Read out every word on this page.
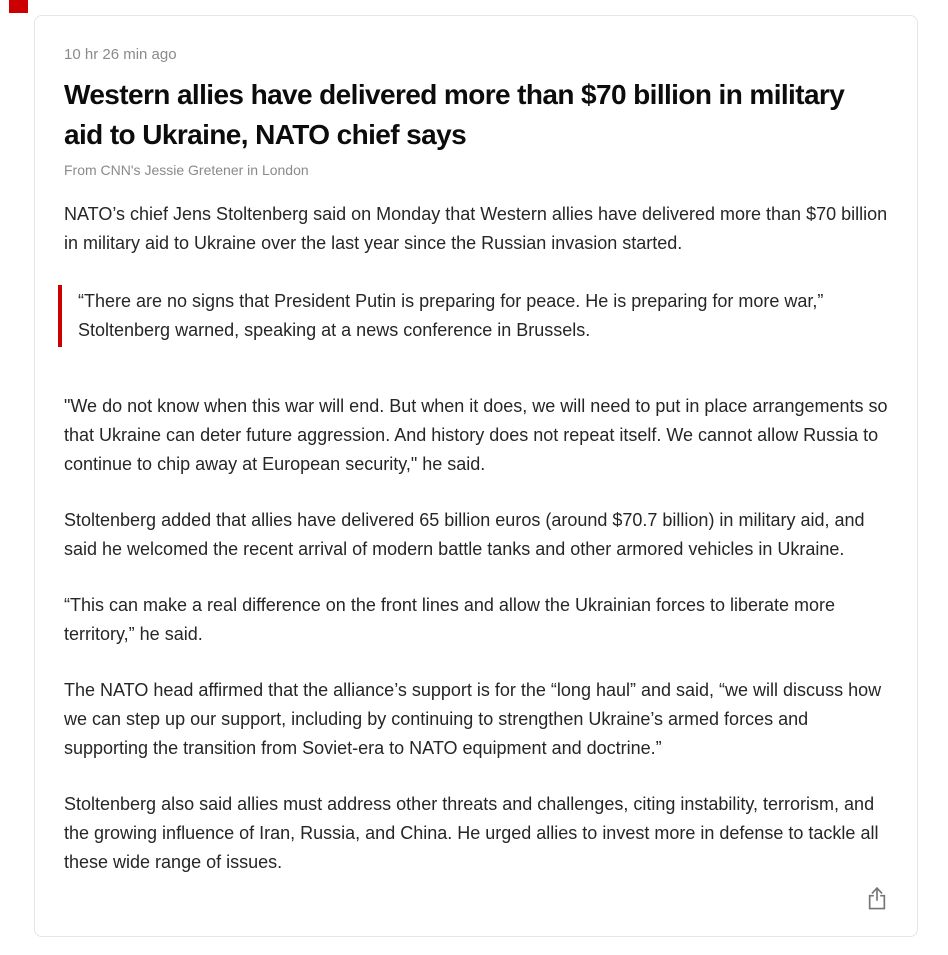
10 hr 26 min ago
Western allies have delivered more than $70 billion in military aid to Ukraine, NATO chief says
From CNN's Jessie Gretener in London

NATO’s chief Jens Stoltenberg said on Monday that Western allies have delivered more than $70 billion in military aid to Ukraine over the last year since the Russian invasion started.

“There are no signs that President Putin is preparing for peace. He is preparing for more war,” Stoltenberg warned, speaking at a news conference in Brussels.

"We do not know when this war will end. But when it does, we will need to put in place arrangements so that Ukraine can deter future aggression. And history does not repeat itself. We cannot allow Russia to continue to chip away at European security," he said.

Stoltenberg added that allies have delivered 65 billion euros (around $70.7 billion) in military aid, and said he welcomed the recent arrival of modern battle tanks and other armored vehicles in Ukraine.

“This can make a real difference on the front lines and allow the Ukrainian forces to liberate more territory,” he said.

The NATO head affirmed that the alliance’s support is for the “long haul” and said, “we will discuss how we can step up our support, including by continuing to strengthen Ukraine’s armed forces and supporting the transition from Soviet-era to NATO equipment and doctrine.”

Stoltenberg also said allies must address other threats and challenges, citing instability, terrorism, and the growing influence of Iran, Russia, and China. He urged allies to invest more in defense to tackle all these wide range of issues.
